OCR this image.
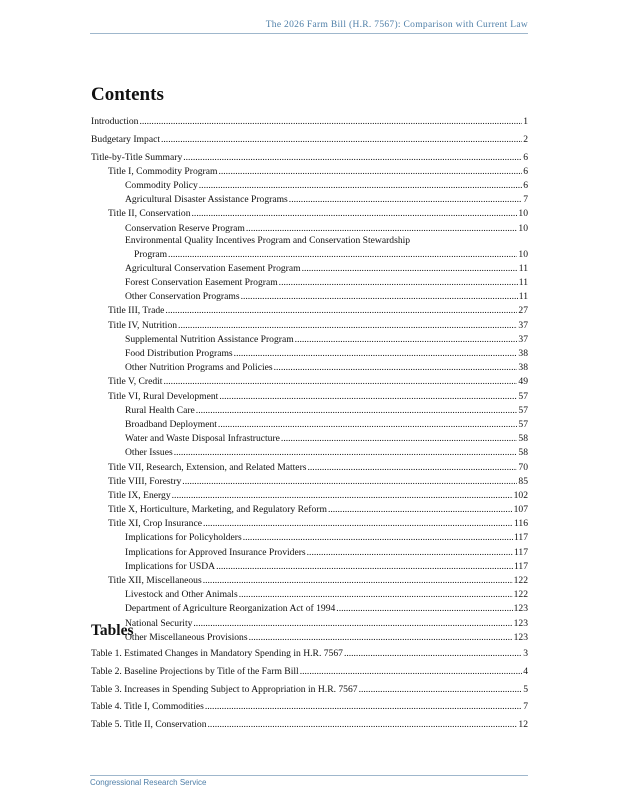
The 2026 Farm Bill (H.R. 7567): Comparison with Current Law
Contents
Introduction .....	1
Budgetary Impact .....	2
Title-by-Title Summary .....	6
Title I, Commodity Program .....	6
Commodity Policy .....	6
Agricultural Disaster Assistance Programs .....	7
Title II, Conservation .....	10
Conservation Reserve Program .....	10
Environmental Quality Incentives Program and Conservation Stewardship
Program .....	10
Agricultural Conservation Easement Program .....	11
Forest Conservation Easement Program .....	11
Other Conservation Programs .....	11
Title III, Trade .....	27
Title IV, Nutrition .....	37
Supplemental Nutrition Assistance Program .....	37
Food Distribution Programs .....	38
Other Nutrition Programs and Policies .....	38
Title V, Credit .....	49
Title VI, Rural Development .....	57
Rural Health Care .....	57
Broadband Deployment .....	57
Water and Waste Disposal Infrastructure .....	58
Other Issues .....	58
Title VII, Research, Extension, and Related Matters .....	70
Title VIII, Forestry .....	85
Title IX, Energy .....	102
Title X, Horticulture, Marketing, and Regulatory Reform .....	107
Title XI, Crop Insurance .....	116
Implications for Policyholders .....	117
Implications for Approved Insurance Providers .....	117
Implications for USDA .....	117
Title XII, Miscellaneous .....	122
Livestock and Other Animals .....	122
Department of Agriculture Reorganization Act of 1994 .....	123
National Security .....	123
Other Miscellaneous Provisions .....	123
Tables
Table 1. Estimated Changes in Mandatory Spending in H.R. 7567 .....	3
Table 2. Baseline Projections by Title of the Farm Bill .....	4
Table 3. Increases in Spending Subject to Appropriation in H.R. 7567 .....	5
Table 4. Title I, Commodities .....	7
Table 5. Title II, Conservation .....	12
Congressional Research Service
